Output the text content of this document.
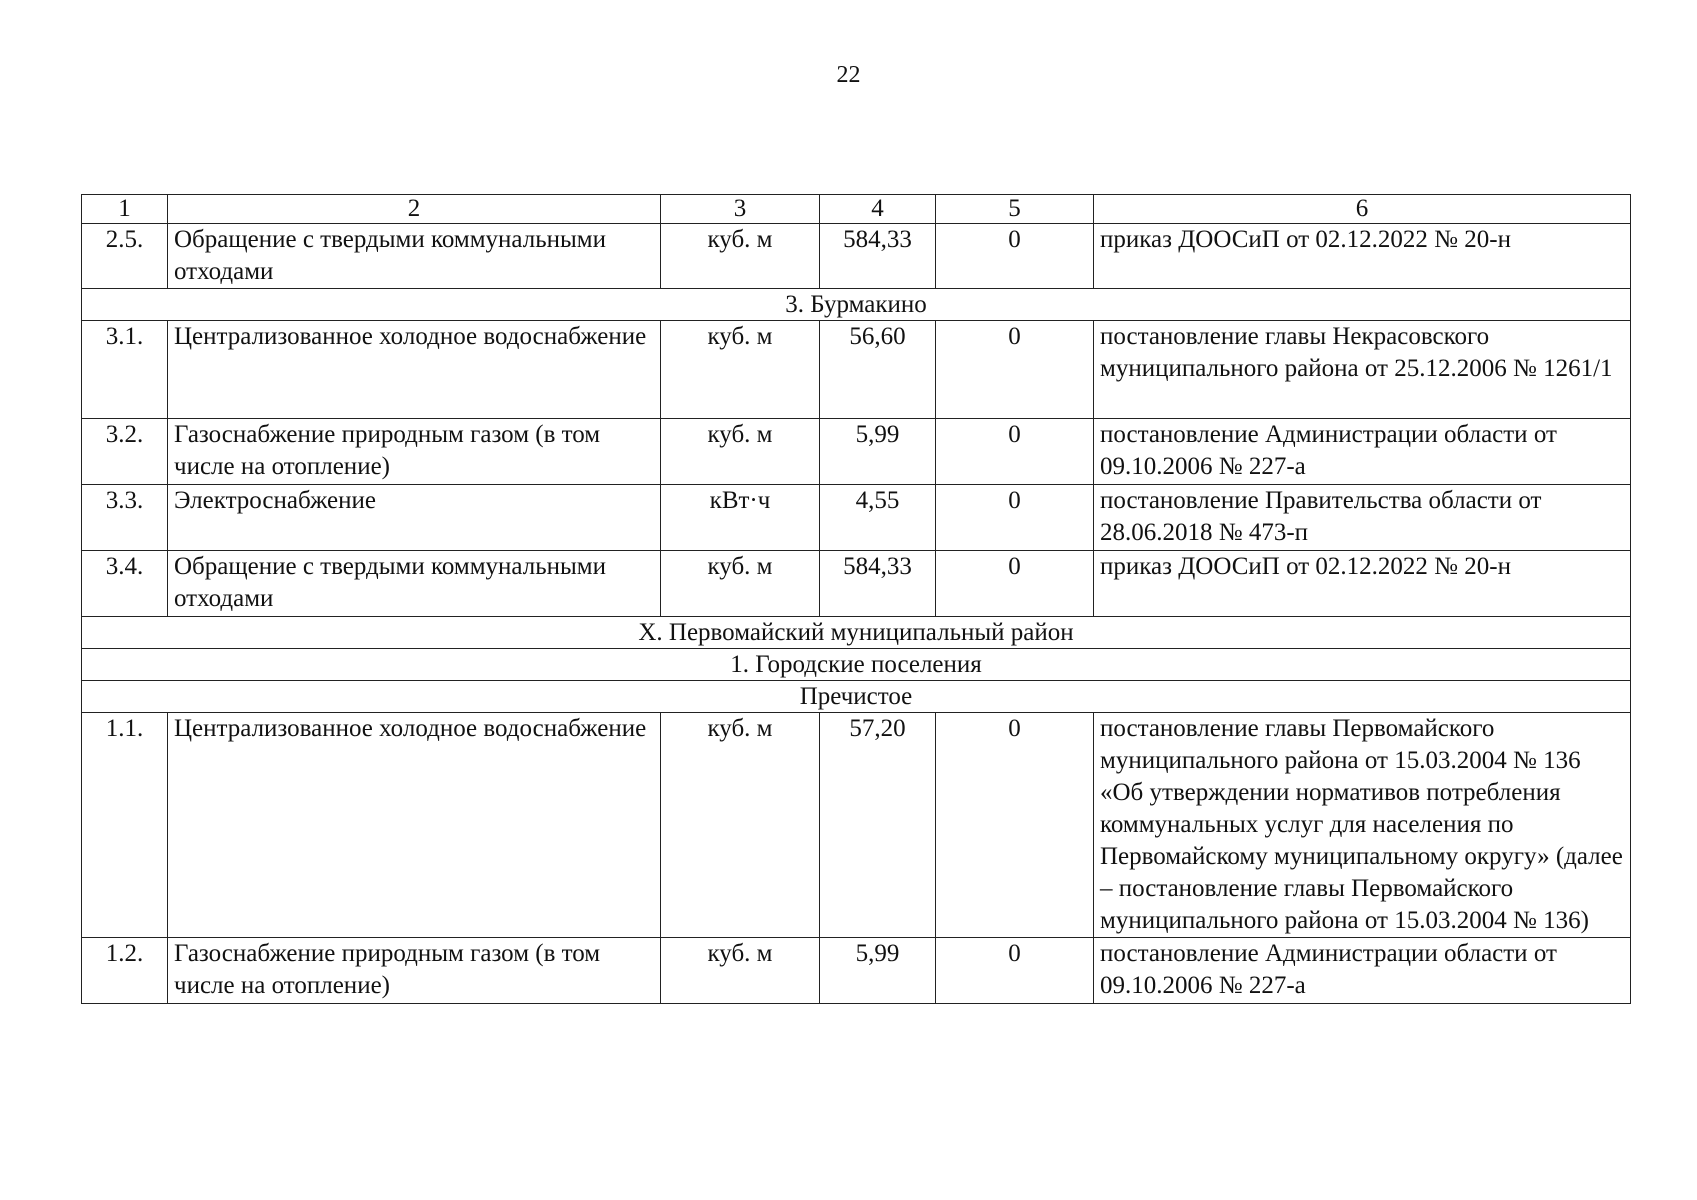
22
1	2	3	4	5	6
2.5.	Обращение с твердыми коммунальными отходами	куб. м	584,33	0	приказ ДООСиП от 02.12.2022 № 20-н
3. Бурмакино					
3.1.	Централизованное холодное водоснабжение	куб. м	56,60	0	постановление главы Некрасовского муниципального района от 25.12.2006 № 1261/1
3.2.	Газоснабжение природным газом (в том числе на отопление)	куб. м	5,99	0	постановление Администрации области от 09.10.2006 № 227-а
3.3.	Электроснабжение	кВт·ч	4,55	0	постановление Правительства области от 28.06.2018 № 473-п
3.4.	Обращение с твердыми коммунальными отходами	куб. м	584,33	0	приказ ДООСиП от 02.12.2022 № 20-н
X. Первомайский муниципальный район					
1. Городские поселения					
Пречистое					
1.1.	Централизованное холодное водоснабжение	куб. м	57,20	0	постановление главы Первомайского муниципального района от 15.03.2004 № 136 «Об утверждении нормативов потребления коммунальных услуг для населения по Первомайскому муниципальному округу» (далее – постановление главы Первомайского муниципального района от 15.03.2004 № 136)
1.2.	Газоснабжение природным газом (в том числе на отопление)	куб. м	5,99	0	постановление Администрации области от 09.10.2006 № 227-а
